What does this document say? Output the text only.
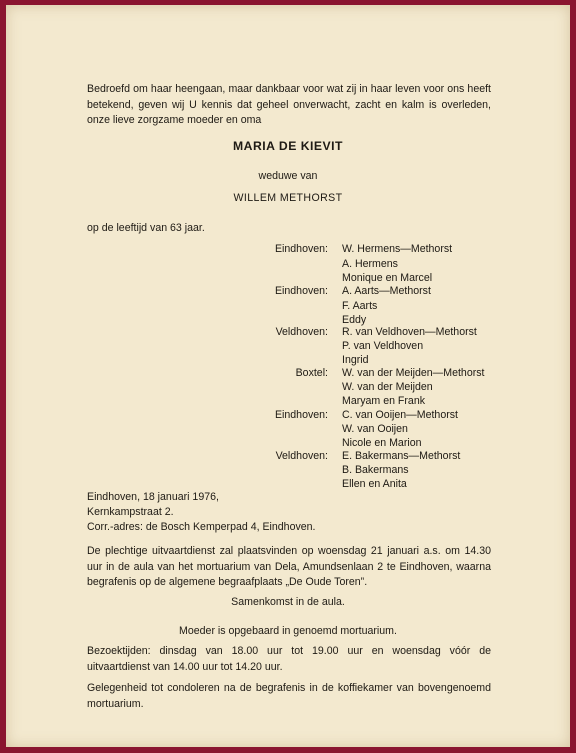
Bedroefd om haar heengaan, maar dankbaar voor wat zij in haar leven voor ons heeft betekend, geven wij U kennis dat geheel onverwacht, zacht en kalm is overleden, onze lieve zorgzame moeder en oma
MARIA DE KIEVIT
weduwe van
WILLEM METHORST
op de leeftijd van 63 jaar.
Eindhoven: W. Hermens—Methorst
A. Hermens
Monique en Marcel
Eindhoven: A. Aarts—Methorst
F. Aarts
Eddy
Veldhoven: R. van Veldhoven—Methorst
P. van Veldhoven
Ingrid
Boxtel: W. van der Meijden—Methorst
W. van der Meijden
Maryam en Frank
Eindhoven: C. van Ooijen—Methorst
W. van Ooijen
Nicole en Marion
Veldhoven: E. Bakermans—Methorst
B. Bakermans
Ellen en Anita
Eindhoven, 18 januari 1976,
Kernkampstraat 2.
Corr.-adres: de Bosch Kemperpad 4, Eindhoven.
De plechtige uitvaartdienst zal plaatsvinden op woensdag 21 januari a.s. om 14.30 uur in de aula van het mortuarium van Dela, Amundsenlaan 2 te Eindhoven, waarna begrafenis op de algemene begraafplaats „De Oude Toren”.
Samenkomst in de aula.
Moeder is opgebaard in genoemd mortuarium.
Bezoektijden: dinsdag van 18.00 uur tot 19.00 uur en woensdag vóór de uitvaartdienst van 14.00 uur tot 14.20 uur.
Gelegenheid tot condoleren na de begrafenis in de koffiekamer van bovengenoemd mortuarium.
